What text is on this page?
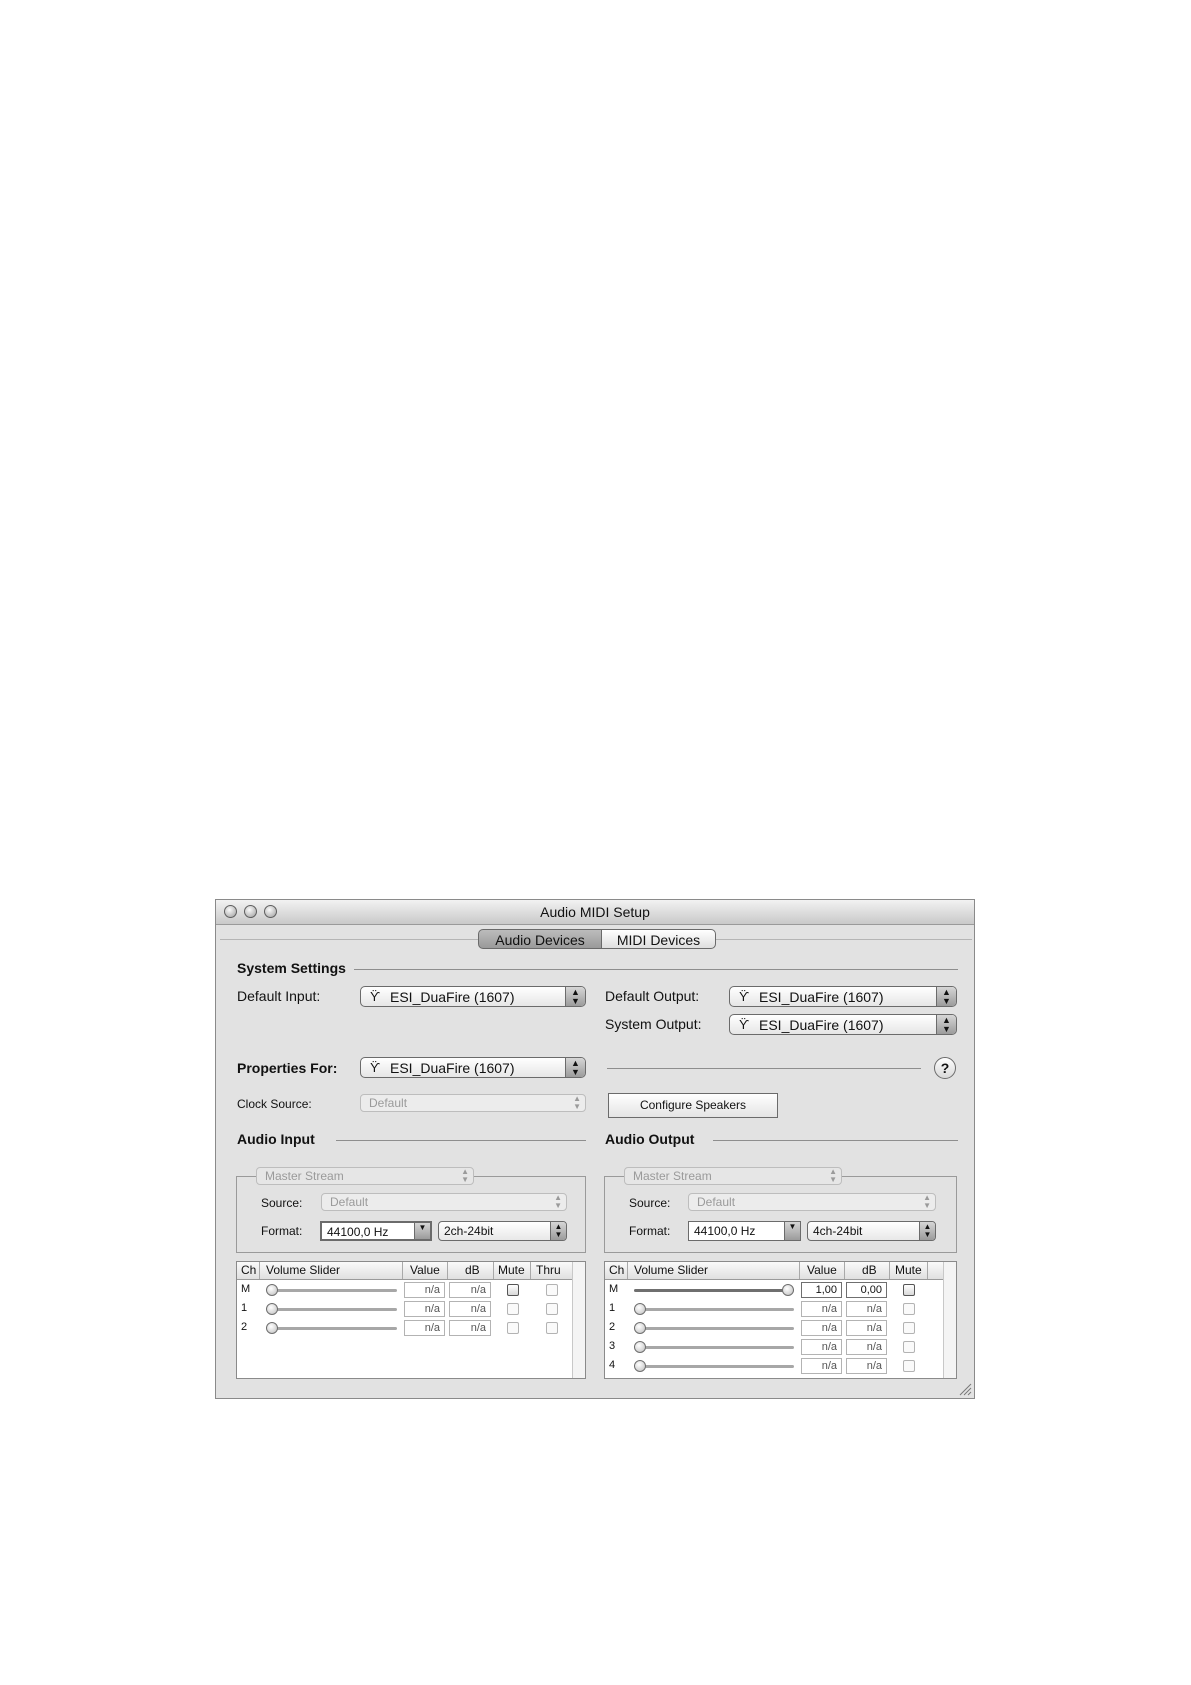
Audio MIDI Setup
Audio Devices	MIDI Devices
System Settings
Default Input:	ϔ ESI_DuaFire (1607)	▲
▼	Default Output:	ϔ ESI_DuaFire (1607)	▲
▼
System Output:	ϔ ESI_DuaFire (1607)	▲
▼
Properties For:	ϔ ESI_DuaFire (1607)	▲
▼	?
Clock Source:	Default	▲
▼	Configure Speakers
Audio Input
Master Stream	▲
▼
Source: Default	▲
▼
Format: 44100,0 Hz	▼ 2ch-24bit	▲
▼
Ch Volume Slider	Value dB Mute Thru
M	n/a	n/a
1	n/a	n/a
2	n/a	n/a
Audio Output
Master Stream	▲
▼
Source: Default	▲
▼
Format: 44100,0 Hz	▼ 4ch-24bit	▲
▼
Ch Volume Slider	Value dB Mute
M	1,00	0,00
1	n/a	n/a
2	n/a	n/a
3	n/a	n/a
4	n/a	n/a
